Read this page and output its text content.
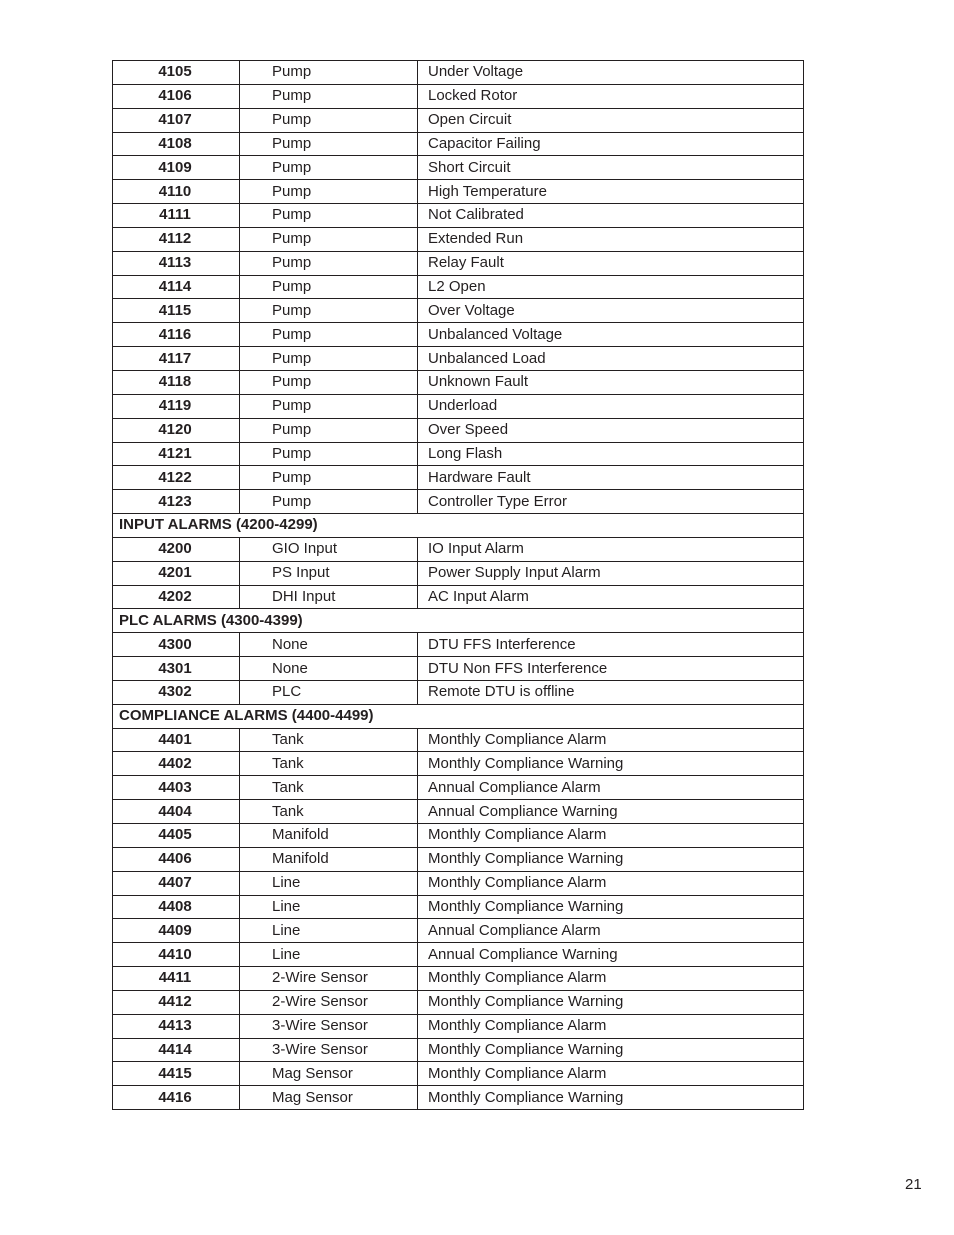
4105	Pump	Under Voltage
4106	Pump	Locked Rotor
4107	Pump	Open Circuit
4108	Pump	Capacitor Failing
4109	Pump	Short Circuit
4110	Pump	High Temperature
4111	Pump	Not Calibrated
4112	Pump	Extended Run
4113	Pump	Relay Fault
4114	Pump	L2 Open
4115	Pump	Over Voltage
4116	Pump	Unbalanced Voltage
4117	Pump	Unbalanced Load
4118	Pump	Unknown Fault
4119	Pump	Underload
4120	Pump	Over Speed
4121	Pump	Long Flash
4122	Pump	Hardware Fault
4123	Pump	Controller Type Error
INPUT ALARMS (4200-4299)		
4200	GIO Input	IO Input Alarm
4201	PS Input	Power Supply Input Alarm
4202	DHI Input	AC Input Alarm
PLC ALARMS (4300-4399)		
4300	None	DTU FFS Interference
4301	None	DTU Non FFS Interference
4302	PLC	Remote DTU is offline
COMPLIANCE ALARMS (4400-4499)		
4401	Tank	Monthly Compliance Alarm
4402	Tank	Monthly Compliance Warning
4403	Tank	Annual Compliance Alarm
4404	Tank	Annual Compliance Warning
4405	Manifold	Monthly Compliance Alarm
4406	Manifold	Monthly Compliance Warning
4407	Line	Monthly Compliance Alarm
4408	Line	Monthly Compliance Warning
4409	Line	Annual Compliance Alarm
4410	Line	Annual Compliance Warning
4411	2-Wire Sensor	Monthly Compliance Alarm
4412	2-Wire Sensor	Monthly Compliance Warning
4413	3-Wire Sensor	Monthly Compliance Alarm
4414	3-Wire Sensor	Monthly Compliance Warning
4415	Mag Sensor	Monthly Compliance Alarm
4416	Mag Sensor	Monthly Compliance Warning
21
